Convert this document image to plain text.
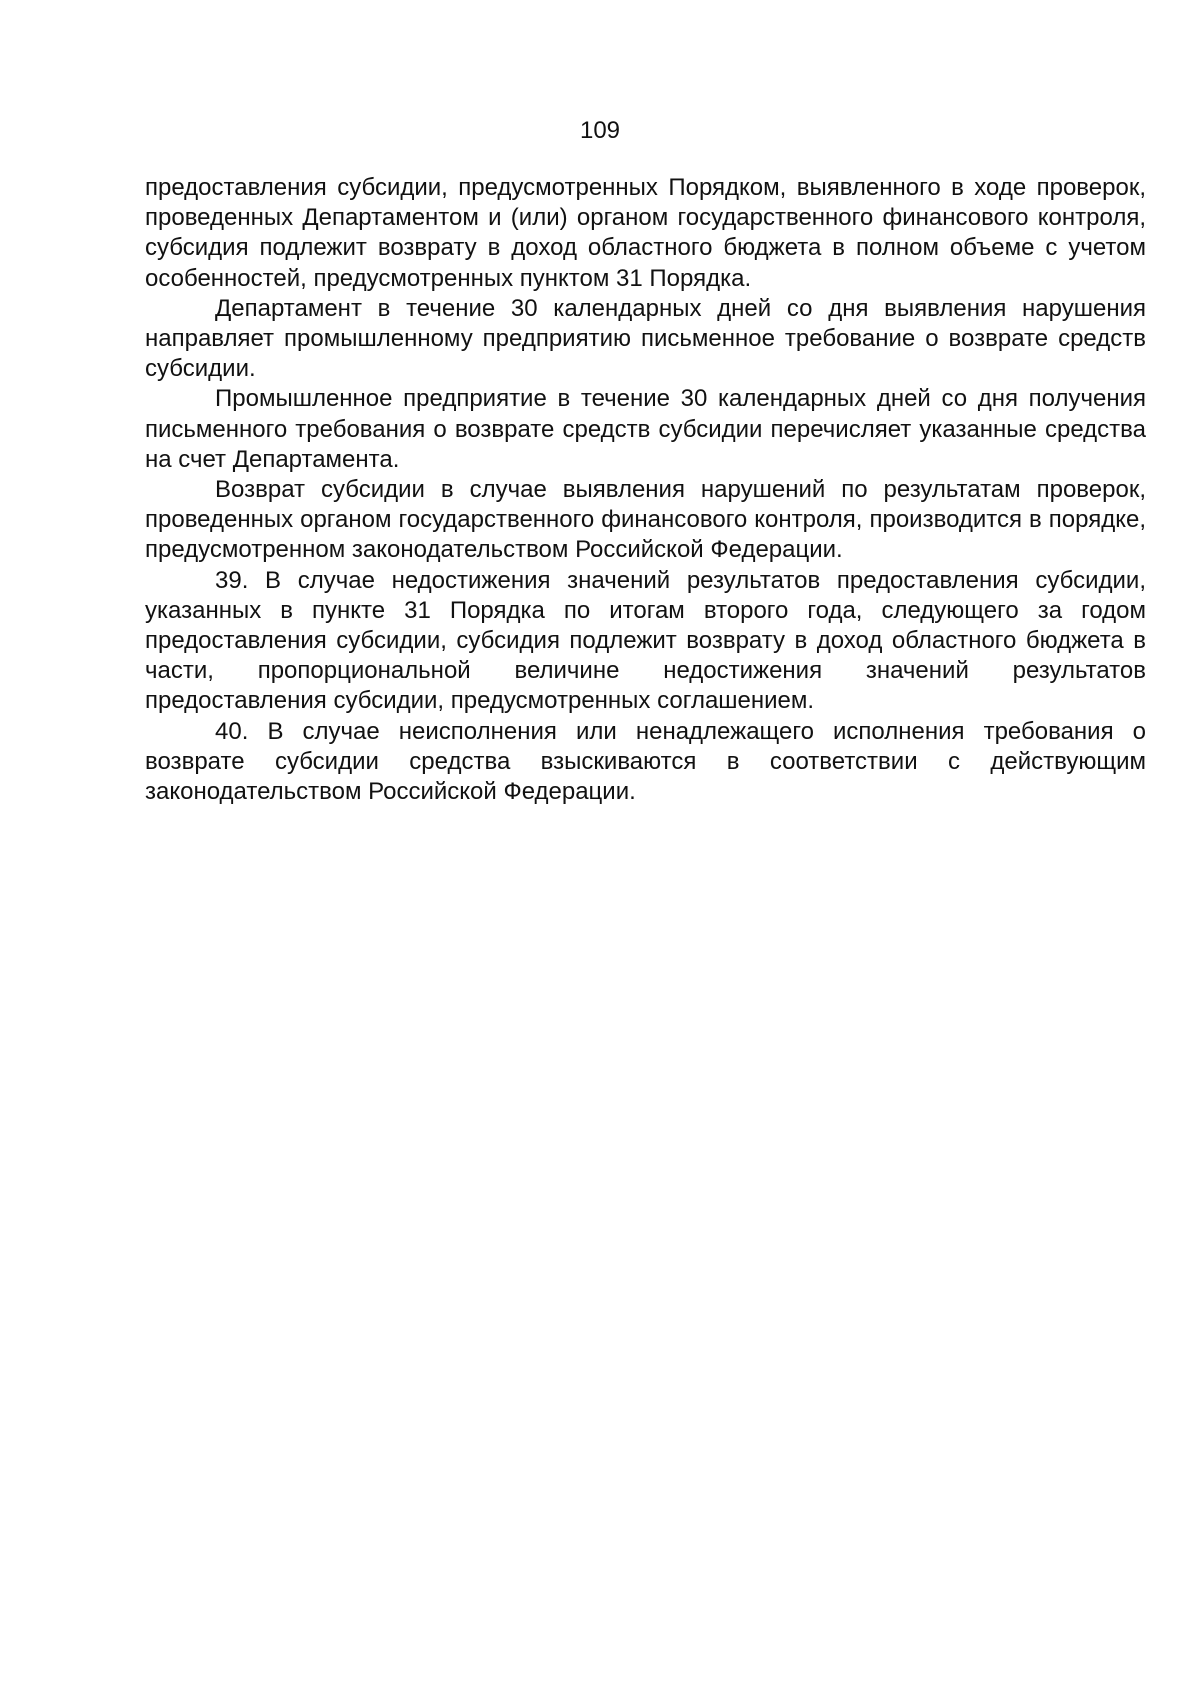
109

предоставления субсидии, предусмотренных Порядком, выявленного в ходе проверок, проведенных Департаментом и (или) органом государственного финансового контроля, субсидия подлежит возврату в доход областного бюджета в полном объеме с учетом особенностей, предусмотренных пунктом 31 Порядка.

Департамент в течение 30 календарных дней со дня выявления нарушения направляет промышленному предприятию письменное требование о возврате средств субсидии.

Промышленное предприятие в течение 30 календарных дней со дня получения письменного требования о возврате средств субсидии перечисляет указанные средства на счет Департамента.

Возврат субсидии в случае выявления нарушений по результатам проверок, проведенных органом государственного финансового контроля, производится в порядке, предусмотренном законодательством Российской Федерации.

39. В случае недостижения значений результатов предоставления субсидии, указанных в пункте 31 Порядка по итогам второго года, следующего за годом предоставления субсидии, субсидия подлежит возврату в доход областного бюджета в части, пропорциональной величине недостижения значений результатов предоставления субсидии, предусмотренных соглашением.

40. В случае неисполнения или ненадлежащего исполнения требования о возврате субсидии средства взыскиваются в соответствии с действующим законодательством Российской Федерации.
